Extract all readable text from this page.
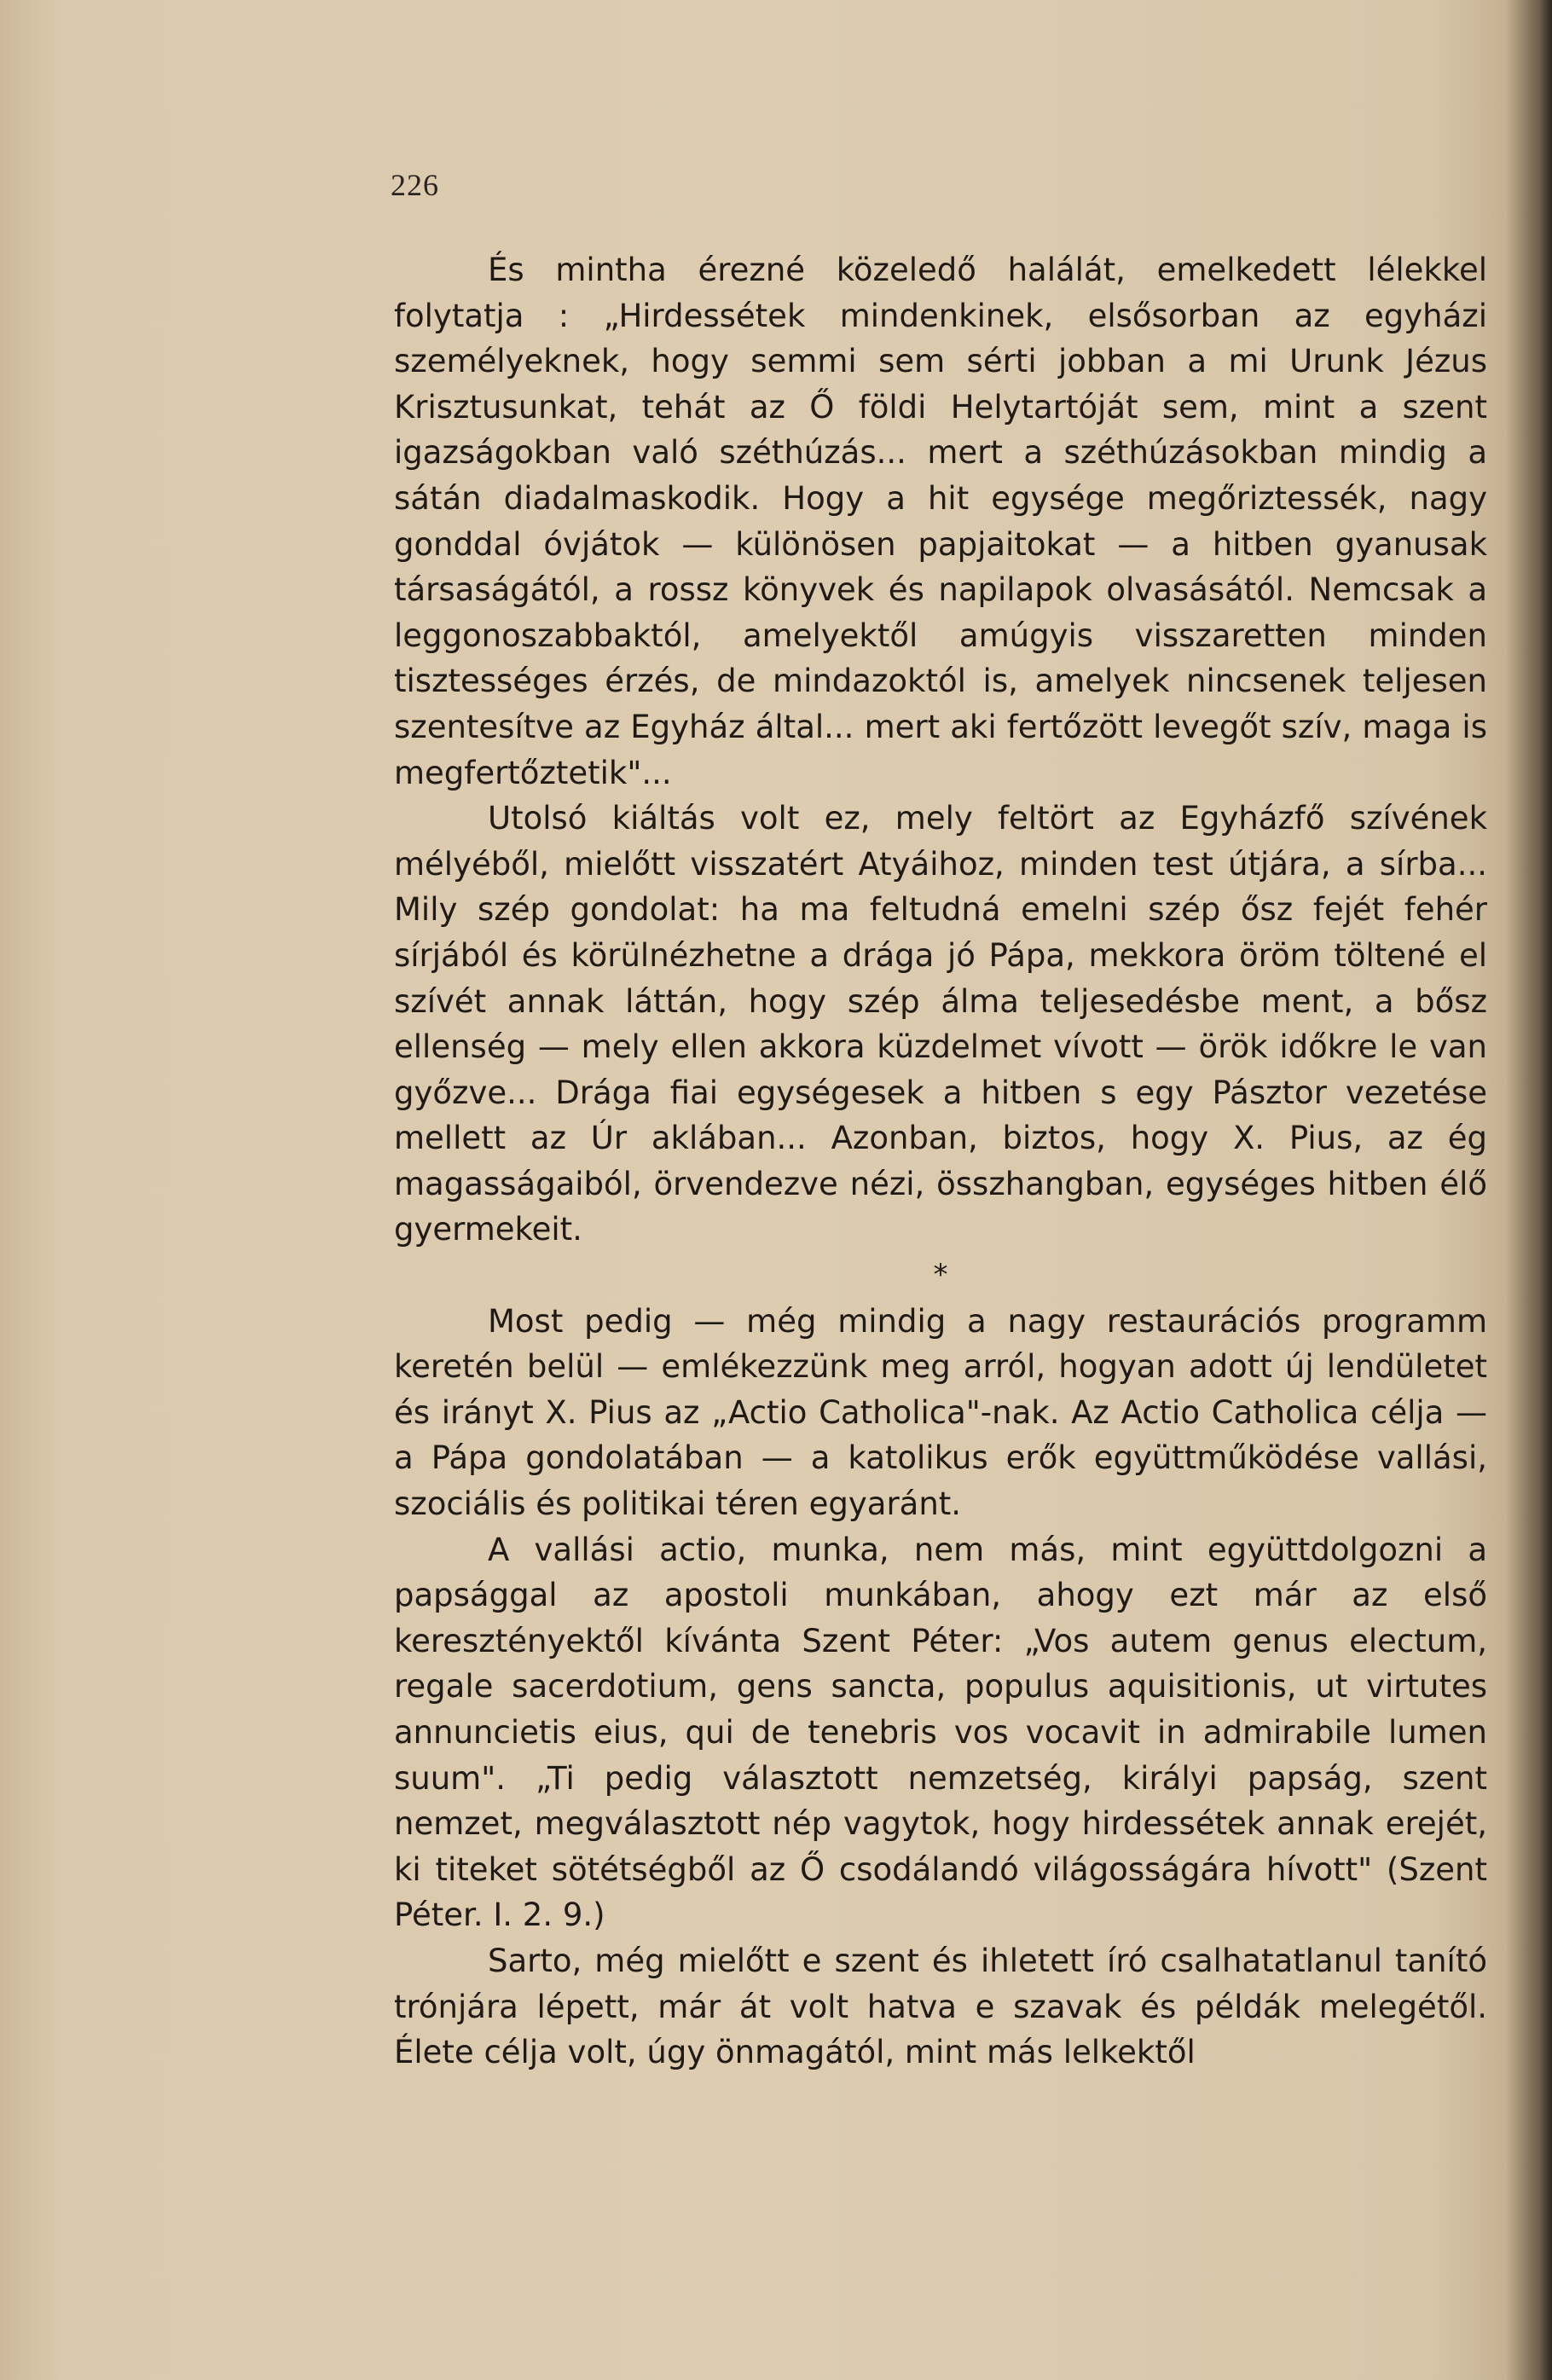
226

És mintha érezné közeledő halálát, emelkedett lélekkel folytatja : „Hirdessétek mindenkinek, elsősorban az egyházi személyeknek, hogy semmi sem sérti jobban a mi Urunk Jézus Krisztusunkat, tehát az Ő földi Helytartóját sem, mint a szent igazságokban való széthúzás... mert a széthúzásokban mindig a sátán diadalmaskodik. Hogy a hit egysége megőriztessék, nagy gonddal óvjátok — különösen papjaitokat — a hitben gyanusak társaságától, a rossz könyvek és napilapok olvasásától. Nemcsak a leggonoszabbaktól, amelyektől amúgyis visszaretten minden tisztességes érzés, de mindazoktól is, amelyek nincsenek teljesen szentesítve az Egyház által... mert aki fertőzött levegőt szív, maga is megfertőztetik"...

Utolsó kiáltás volt ez, mely feltört az Egyházfő szívének mélyéből, mielőtt visszatért Atyáihoz, minden test útjára, a sírba... Mily szép gondolat: ha ma feltudná emelni szép ősz fejét fehér sírjából és körülnézhetne a drága jó Pápa, mekkora öröm töltené el szívét annak láttán, hogy szép álma teljesedésbe ment, a bősz ellenség — mely ellen akkora küzdelmet vívott — örök időkre le van győzve... Drága fiai egységesek a hitben s egy Pásztor vezetése mellett az Úr aklában... Azonban, biztos, hogy X. Pius, az ég magasságaiból, örvendezve nézi, összhangban, egységes hitben élő gyermekeit.

*

Most pedig — még mindig a nagy restaurációs programm keretén belül — emlékezzünk meg arról, hogyan adott új lendületet és irányt X. Pius az „Actio Catholica"-nak. Az Actio Catholica célja — a Pápa gondolatában — a katolikus erők együttműködése vallási, szociális és politikai téren egyaránt.

A vallási actio, munka, nem más, mint együttdolgozni a papsággal az apostoli munkában, ahogy ezt már az első keresztényektől kívánta Szent Péter: „Vos autem genus electum, regale sacerdotium, gens sancta, populus aquisitionis, ut virtutes annuncietis eius, qui de tenebris vos vocavit in admirabile lumen suum". „Ti pedig választott nemzetség, királyi papság, szent nemzet, megválasztott nép vagytok, hogy hirdessétek annak erejét, ki titeket sötétségből az Ő csodálandó világosságára hívott" (Szent Péter. I. 2. 9.)

Sarto, még mielőtt e szent és ihletett író csalhatatlanul tanító trónjára lépett, már át volt hatva e szavak és példák melegétől. Élete célja volt, úgy önmagától, mint más lelkektől
